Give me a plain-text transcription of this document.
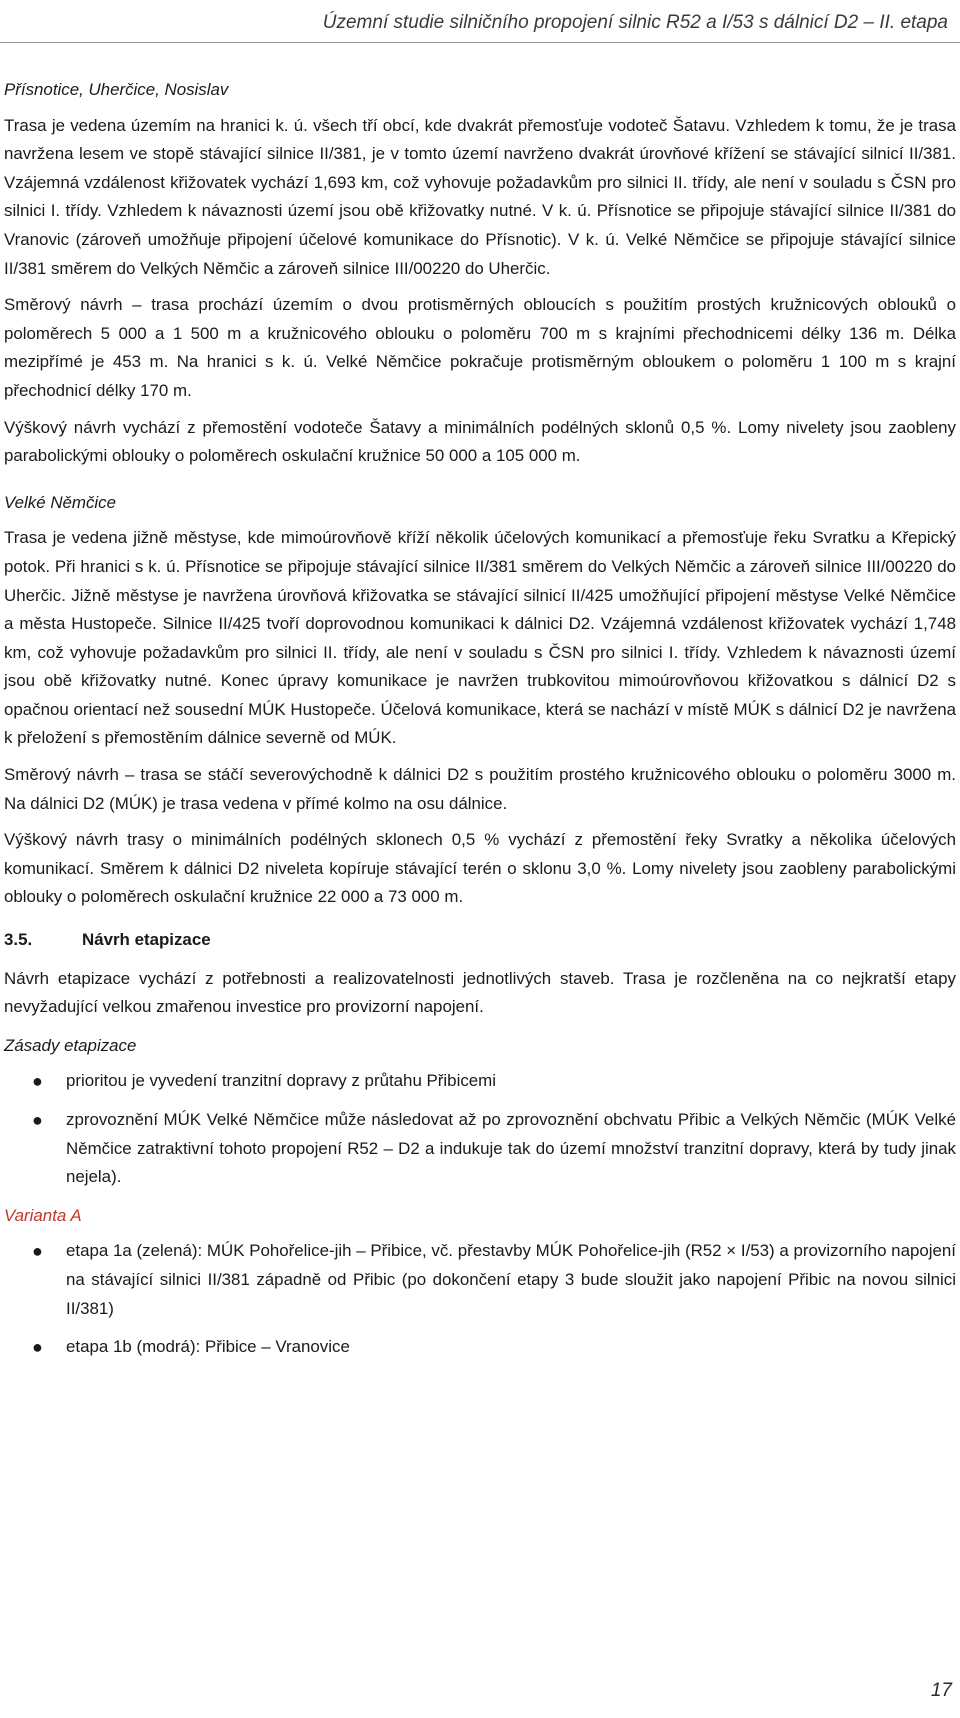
Územní studie silničního propojení silnic R52 a I/53 s dálnicí D2 – II. etapa
Přísnotice, Uherčice, Nosislav

Trasa je vedena územím na hranici k. ú. všech tří obcí, kde dvakrát přemosťuje vodoteč Šatavu. Vzhledem k tomu, že je trasa navržena lesem ve stopě stávající silnice II/381, je v tomto území navrženo dvakrát úrovňové křížení se stávající silnicí II/381. Vzájemná vzdálenost křižovatek vychází 1,693 km, což vyhovuje požadavkům pro silnici II. třídy, ale není v souladu s ČSN pro silnici I. třídy. Vzhledem k návaznosti území jsou obě křižovatky nutné. V k. ú. Přísnotice se připojuje stávající silnice II/381 do Vranovic (zároveň umožňuje připojení účelové komunikace do Přísnotic). V k. ú. Velké Němčice se připojuje stávající silnice II/381 směrem do Velkých Němčic a zároveň silnice III/00220 do Uherčic.

Směrový návrh – trasa prochází územím o dvou protisměrných obloucích s použitím prostých kružnicových oblouků o poloměrech 5 000 a 1 500 m a kružnicového oblouku o poloměru 700 m s krajními přechodnicemi délky 136 m. Délka mezipřímé je 453 m. Na hranici s k. ú. Velké Němčice pokračuje protisměrným obloukem o poloměru 1 100 m s krajní přechodnicí délky 170 m.

Výškový návrh vychází z přemostění vodoteče Šatavy a minimálních podélných sklonů 0,5 %. Lomy nivelety jsou zaobleny parabolickými oblouky o poloměrech oskulační kružnice 50 000 a 105 000 m.

Velké Němčice

Trasa je vedena jižně městyse, kde mimoúrovňově kříží několik účelových komunikací a přemosťuje řeku Svratku a Křepický potok. Při hranici s k. ú. Přísnotice se připojuje stávající silnice II/381 směrem do Velkých Němčic a zároveň silnice III/00220 do Uherčic. Jižně městyse je navržena úrovňová křižovatka se stávající silnicí II/425 umožňující připojení městyse Velké Němčice a města Hustopeče. Silnice II/425 tvoří doprovodnou komunikaci k dálnici D2. Vzájemná vzdálenost křižovatek vychází 1,748 km, což vyhovuje požadavkům pro silnici II. třídy, ale není v souladu s ČSN pro silnici I. třídy. Vzhledem k návaznosti území jsou obě křižovatky nutné. Konec úpravy komunikace je navržen trubkovitou mimoúrovňovou křižovatkou s dálnicí D2 s opačnou orientací než sousední MÚK Hustopeče. Účelová komunikace, která se nachází v místě MÚK s dálnicí D2 je navržena k přeložení s přemostěním dálnice severně od MÚK.

Směrový návrh – trasa se stáčí severovýchodně k dálnici D2 s použitím prostého kružnicového oblouku o poloměru 3000 m. Na dálnici D2 (MÚK) je trasa vedena v přímé kolmo na osu dálnice.

Výškový návrh trasy o minimálních podélných sklonech 0,5 % vychází z přemostění řeky Svratky a několika účelových komunikací. Směrem k dálnici D2 niveleta kopíruje stávající terén o sklonu 3,0 %. Lomy nivelety jsou zaobleny parabolickými oblouky o poloměrech oskulační kružnice 22 000 a 73 000 m.

3.5.	Návrh etapizace

Návrh etapizace vychází z potřebnosti a realizovatelnosti jednotlivých staveb. Trasa je rozčleněna na co nejkratší etapy nevyžadující velkou zmařenou investice pro provizorní napojení.

Zásady etapizace
● prioritou je vyvedení tranzitní dopravy z průtahu Přibicemi
● zprovoznění MÚK Velké Němčice může následovat až po zprovoznění obchvatu Přibic a Velkých Němčic (MÚK Velké Němčice zatraktivní tohoto propojení R52 – D2 a indukuje tak do území množství tranzitní dopravy, která by tudy jinak nejela).
Varianta A
● etapa 1a (zelená): MÚK Pohořelice-jih – Přibice, vč. přestavby MÚK Pohořelice-jih (R52 × I/53) a provizorního napojení na stávající silnici II/381 západně od Přibic (po dokončení etapy 3 bude sloužit jako napojení Přibic na novou silnici II/381)
● etapa 1b (modrá): Přibice – Vranovice
17
